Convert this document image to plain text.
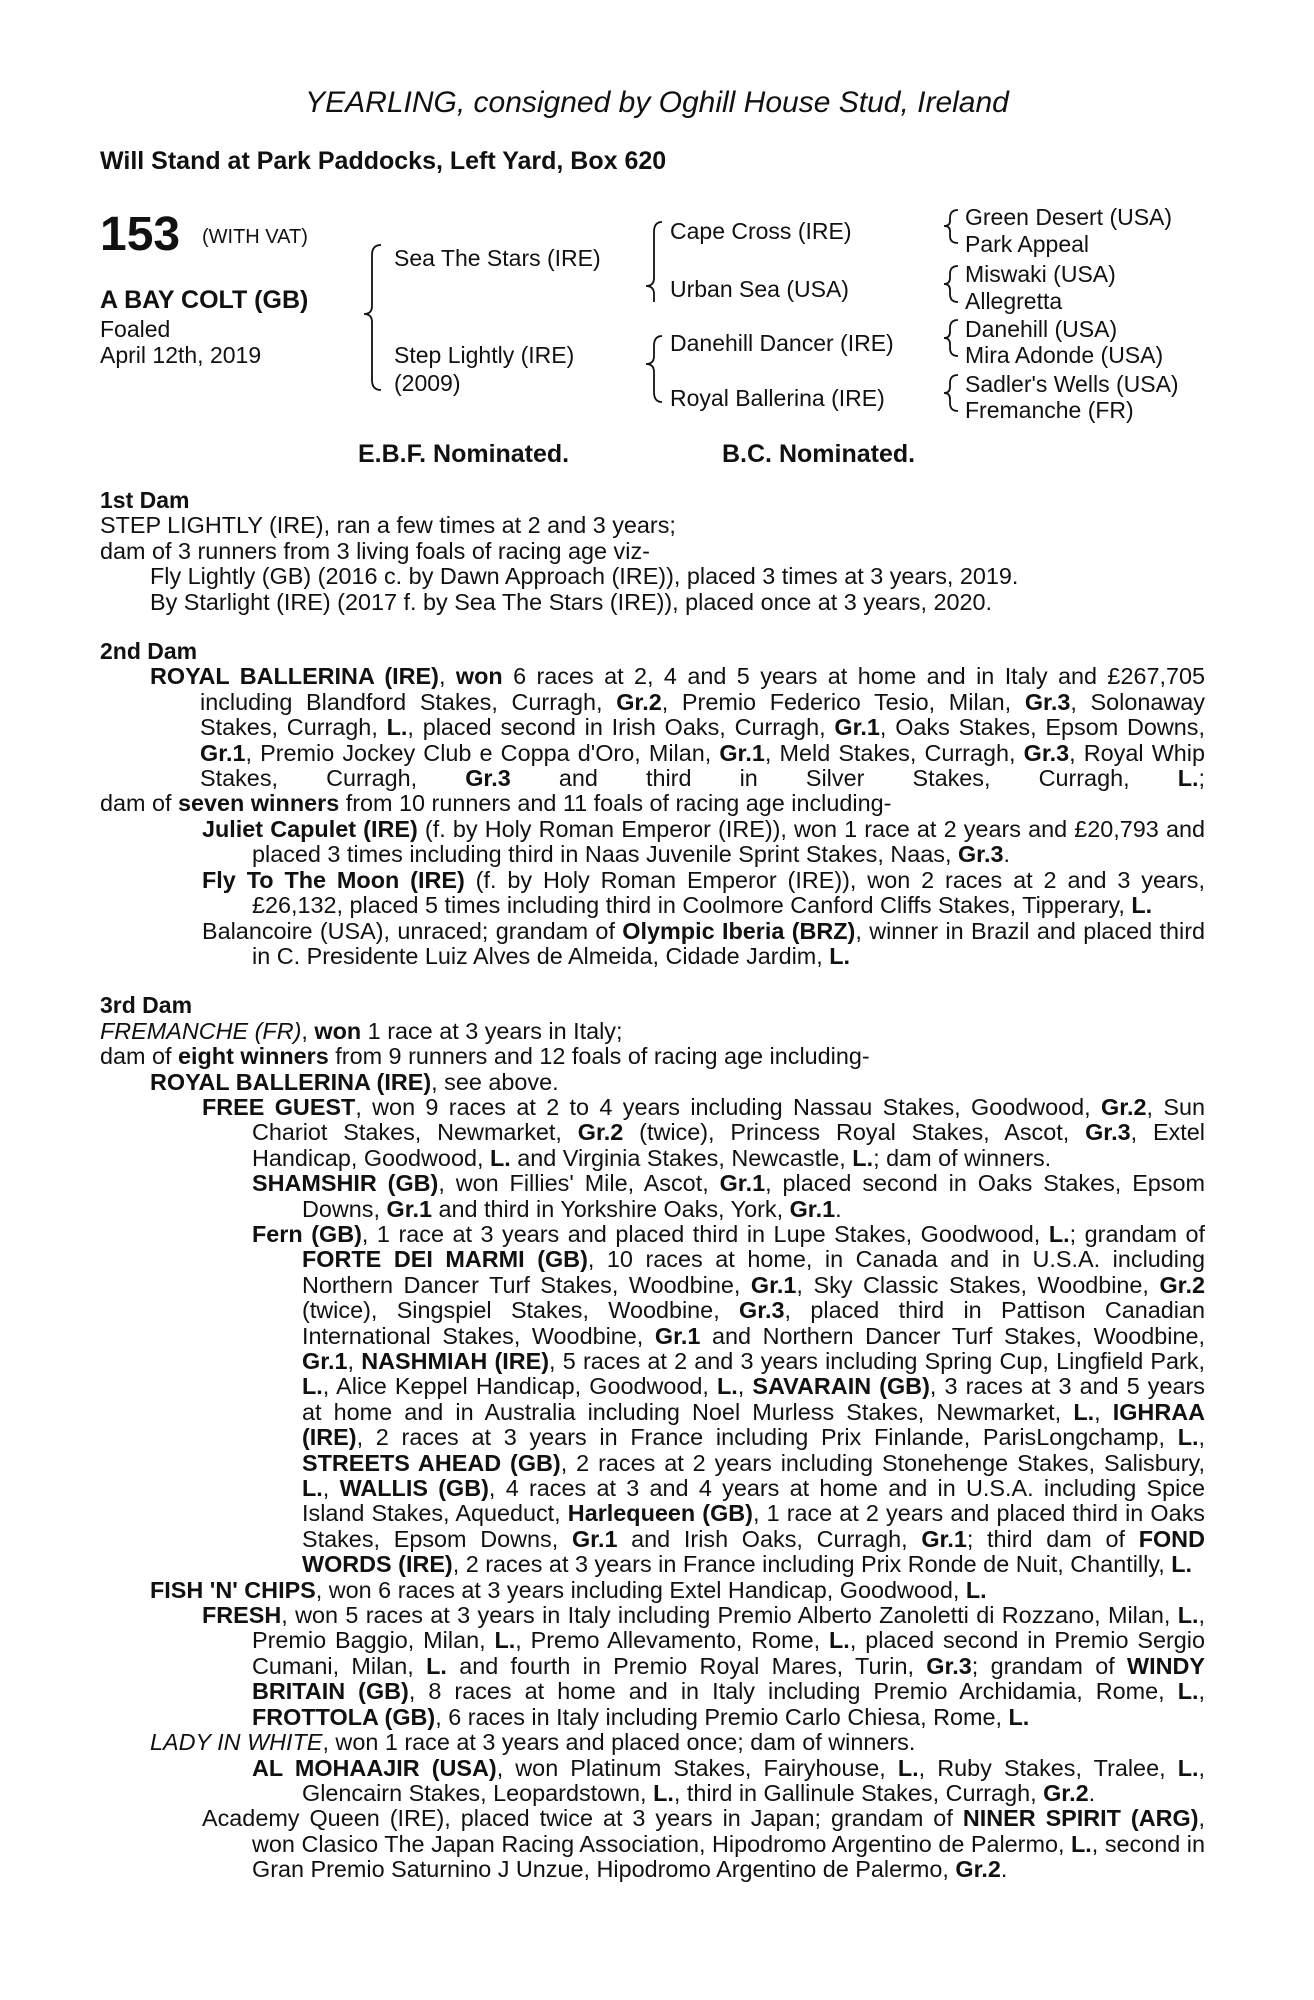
YEARLING, consigned by Oghill House Stud, Ireland
Will Stand at Park Paddocks, Left Yard, Box 620
153 (WITH VAT)
A BAY COLT (GB)
Foaled
April 12th, 2019
Sea The Stars (IRE)
Step Lightly (IRE)
(2009)
Cape Cross (IRE)
Urban Sea (USA)
Danehill Dancer (IRE)
Royal Ballerina (IRE)
Green Desert (USA)
Park Appeal
Miswaki (USA)
Allegretta
Danehill (USA)
Mira Adonde (USA)
Sadler's Wells (USA)
Fremanche (FR)
E.B.F. Nominated.	B.C. Nominated.

1st Dam

STEP LIGHTLY (IRE), ran a few times at 2 and 3 years;

dam of 3 runners from 3 living foals of racing age viz-

Fly Lightly (GB) (2016 c. by Dawn Approach (IRE)), placed 3 times at 3 years, 2019.

By Starlight (IRE) (2017 f. by Sea The Stars (IRE)), placed once at 3 years, 2020.

2nd Dam

ROYAL BALLERINA (IRE), won 6 races at 2, 4 and 5 years at home and in Italy and £267,705 including Blandford Stakes, Curragh, Gr.2, Premio Federico Tesio, Milan, Gr.3, Solonaway Stakes, Curragh, L., placed second in Irish Oaks, Curragh, Gr.1, Oaks Stakes, Epsom Downs, Gr.1, Premio Jockey Club e Coppa d'Oro, Milan, Gr.1, Meld Stakes, Curragh, Gr.3, Royal Whip Stakes, Curragh, Gr.3 and third in Silver Stakes, Curragh, L.;

dam of seven winners from 10 runners and 11 foals of racing age including-

Juliet Capulet (IRE) (f. by Holy Roman Emperor (IRE)), won 1 race at 2 years and £20,793 and placed 3 times including third in Naas Juvenile Sprint Stakes, Naas, Gr.3.

Fly To The Moon (IRE) (f. by Holy Roman Emperor (IRE)), won 2 races at 2 and 3 years, £26,132, placed 5 times including third in Coolmore Canford Cliffs Stakes, Tipperary, L.

Balancoire (USA), unraced; grandam of Olympic Iberia (BRZ), winner in Brazil and placed third in C. Presidente Luiz Alves de Almeida, Cidade Jardim, L.

3rd Dam

FREMANCHE (FR), won 1 race at 3 years in Italy;

dam of eight winners from 9 runners and 12 foals of racing age including-

ROYAL BALLERINA (IRE), see above.

FREE GUEST, won 9 races at 2 to 4 years including Nassau Stakes, Goodwood, Gr.2, Sun Chariot Stakes, Newmarket, Gr.2 (twice), Princess Royal Stakes, Ascot, Gr.3, Extel Handicap, Goodwood, L. and Virginia Stakes, Newcastle, L.; dam of winners.

SHAMSHIR (GB), won Fillies' Mile, Ascot, Gr.1, placed second in Oaks Stakes, Epsom Downs, Gr.1 and third in Yorkshire Oaks, York, Gr.1.

Fern (GB), 1 race at 3 years and placed third in Lupe Stakes, Goodwood, L.; grandam of FORTE DEI MARMI (GB), 10 races at home, in Canada and in U.S.A. including Northern Dancer Turf Stakes, Woodbine, Gr.1, Sky Classic Stakes, Woodbine, Gr.2 (twice), Singspiel Stakes, Woodbine, Gr.3, placed third in Pattison Canadian International Stakes, Woodbine, Gr.1 and Northern Dancer Turf Stakes, Woodbine, Gr.1, NASHMIAH (IRE), 5 races at 2 and 3 years including Spring Cup, Lingfield Park, L., Alice Keppel Handicap, Goodwood, L., SAVARAIN (GB), 3 races at 3 and 5 years at home and in Australia including Noel Murless Stakes, Newmarket, L., IGHRAA (IRE), 2 races at 3 years in France including Prix Finlande, ParisLongchamp, L., STREETS AHEAD (GB), 2 races at 2 years including Stonehenge Stakes, Salisbury, L., WALLIS (GB), 4 races at 3 and 4 years at home and in U.S.A. including Spice Island Stakes, Aqueduct, Harlequeen (GB), 1 race at 2 years and placed third in Oaks Stakes, Epsom Downs, Gr.1 and Irish Oaks, Curragh, Gr.1; third dam of FOND WORDS (IRE), 2 races at 3 years in France including Prix Ronde de Nuit, Chantilly, L.

FISH 'N' CHIPS, won 6 races at 3 years including Extel Handicap, Goodwood, L.

FRESH, won 5 races at 3 years in Italy including Premio Alberto Zanoletti di Rozzano, Milan, L., Premio Baggio, Milan, L., Premo Allevamento, Rome, L., placed second in Premio Sergio Cumani, Milan, L. and fourth in Premio Royal Mares, Turin, Gr.3; grandam of WINDY BRITAIN (GB), 8 races at home and in Italy including Premio Archidamia, Rome, L., FROTTOLA (GB), 6 races in Italy including Premio Carlo Chiesa, Rome, L.

LADY IN WHITE, won 1 race at 3 years and placed once; dam of winners.

AL MOHAAJIR (USA), won Platinum Stakes, Fairyhouse, L., Ruby Stakes, Tralee, L., Glencairn Stakes, Leopardstown, L., third in Gallinule Stakes, Curragh, Gr.2.

Academy Queen (IRE), placed twice at 3 years in Japan; grandam of NINER SPIRIT (ARG), won Clasico The Japan Racing Association, Hipodromo Argentino de Palermo, L., second in Gran Premio Saturnino J Unzue, Hipodromo Argentino de Palermo, Gr.2.
